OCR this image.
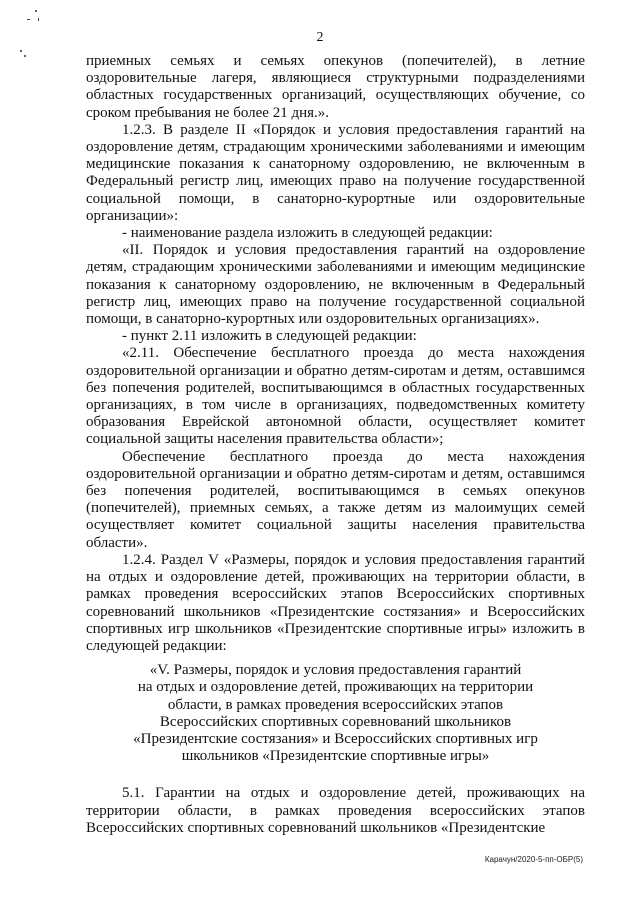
2

приемных семьях и семьях опекунов (попечителей), в летние оздоровительные лагеря, являющиеся структурными подразделениями областных государственных организаций, осуществляющих обучение, со сроком пребывания не более 21 дня.».

1.2.3. В разделе II «Порядок и условия предоставления гарантий на оздоровление детям, страдающим хроническими заболеваниями и имеющим медицинские показания к санаторному оздоровлению, не включенным в Федеральный регистр лиц, имеющих право на получение государственной социальной помощи, в санаторно-курортные или оздоровительные организации»:

- наименование раздела изложить в следующей редакции:

«II. Порядок и условия предоставления гарантий на оздоровление детям, страдающим хроническими заболеваниями и имеющим медицинские показания к санаторному оздоровлению, не включенным в Федеральный регистр лиц, имеющих право на получение государственной социальной помощи, в санаторно-курортных или оздоровительных организациях».

- пункт 2.11 изложить в следующей редакции:

«2.11. Обеспечение бесплатного проезда до места нахождения оздоровительной организации и обратно детям-сиротам и детям, оставшимся без попечения родителей, воспитывающимся в областных государственных организациях, в том числе в организациях, подведомственных комитету образования Еврейской автономной области, осуществляет комитет социальной защиты населения правительства области»;

Обеспечение бесплатного проезда до места нахождения оздоровительной организации и обратно детям-сиротам и детям, оставшимся без попечения родителей, воспитывающимся в семьях опекунов (попечителей), приемных семьях, а также детям из малоимущих семей осуществляет комитет социальной защиты населения правительства области».

1.2.4. Раздел V «Размеры, порядок и условия предоставления гарантий на отдых и оздоровление детей, проживающих на территории области, в рамках проведения всероссийских этапов Всероссийских спортивных соревнований школьников «Президентские состязания» и Всероссийских спортивных игр школьников «Президентские спортивные игры» изложить в следующей редакции:

«V. Размеры, порядок и условия предоставления гарантий
на отдых и оздоровление детей, проживающих на территории
области, в рамках проведения всероссийских этапов
Всероссийских спортивных соревнований школьников
«Президентские состязания» и Всероссийских спортивных игр
школьников «Президентские спортивные игры»

5.1. Гарантии на отдых и оздоровление детей, проживающих на территории области, в рамках проведения всероссийских этапов Всероссийских спортивных соревнований школьников «Президентские

Карачун/2020-5-пп-ОБР(5)
